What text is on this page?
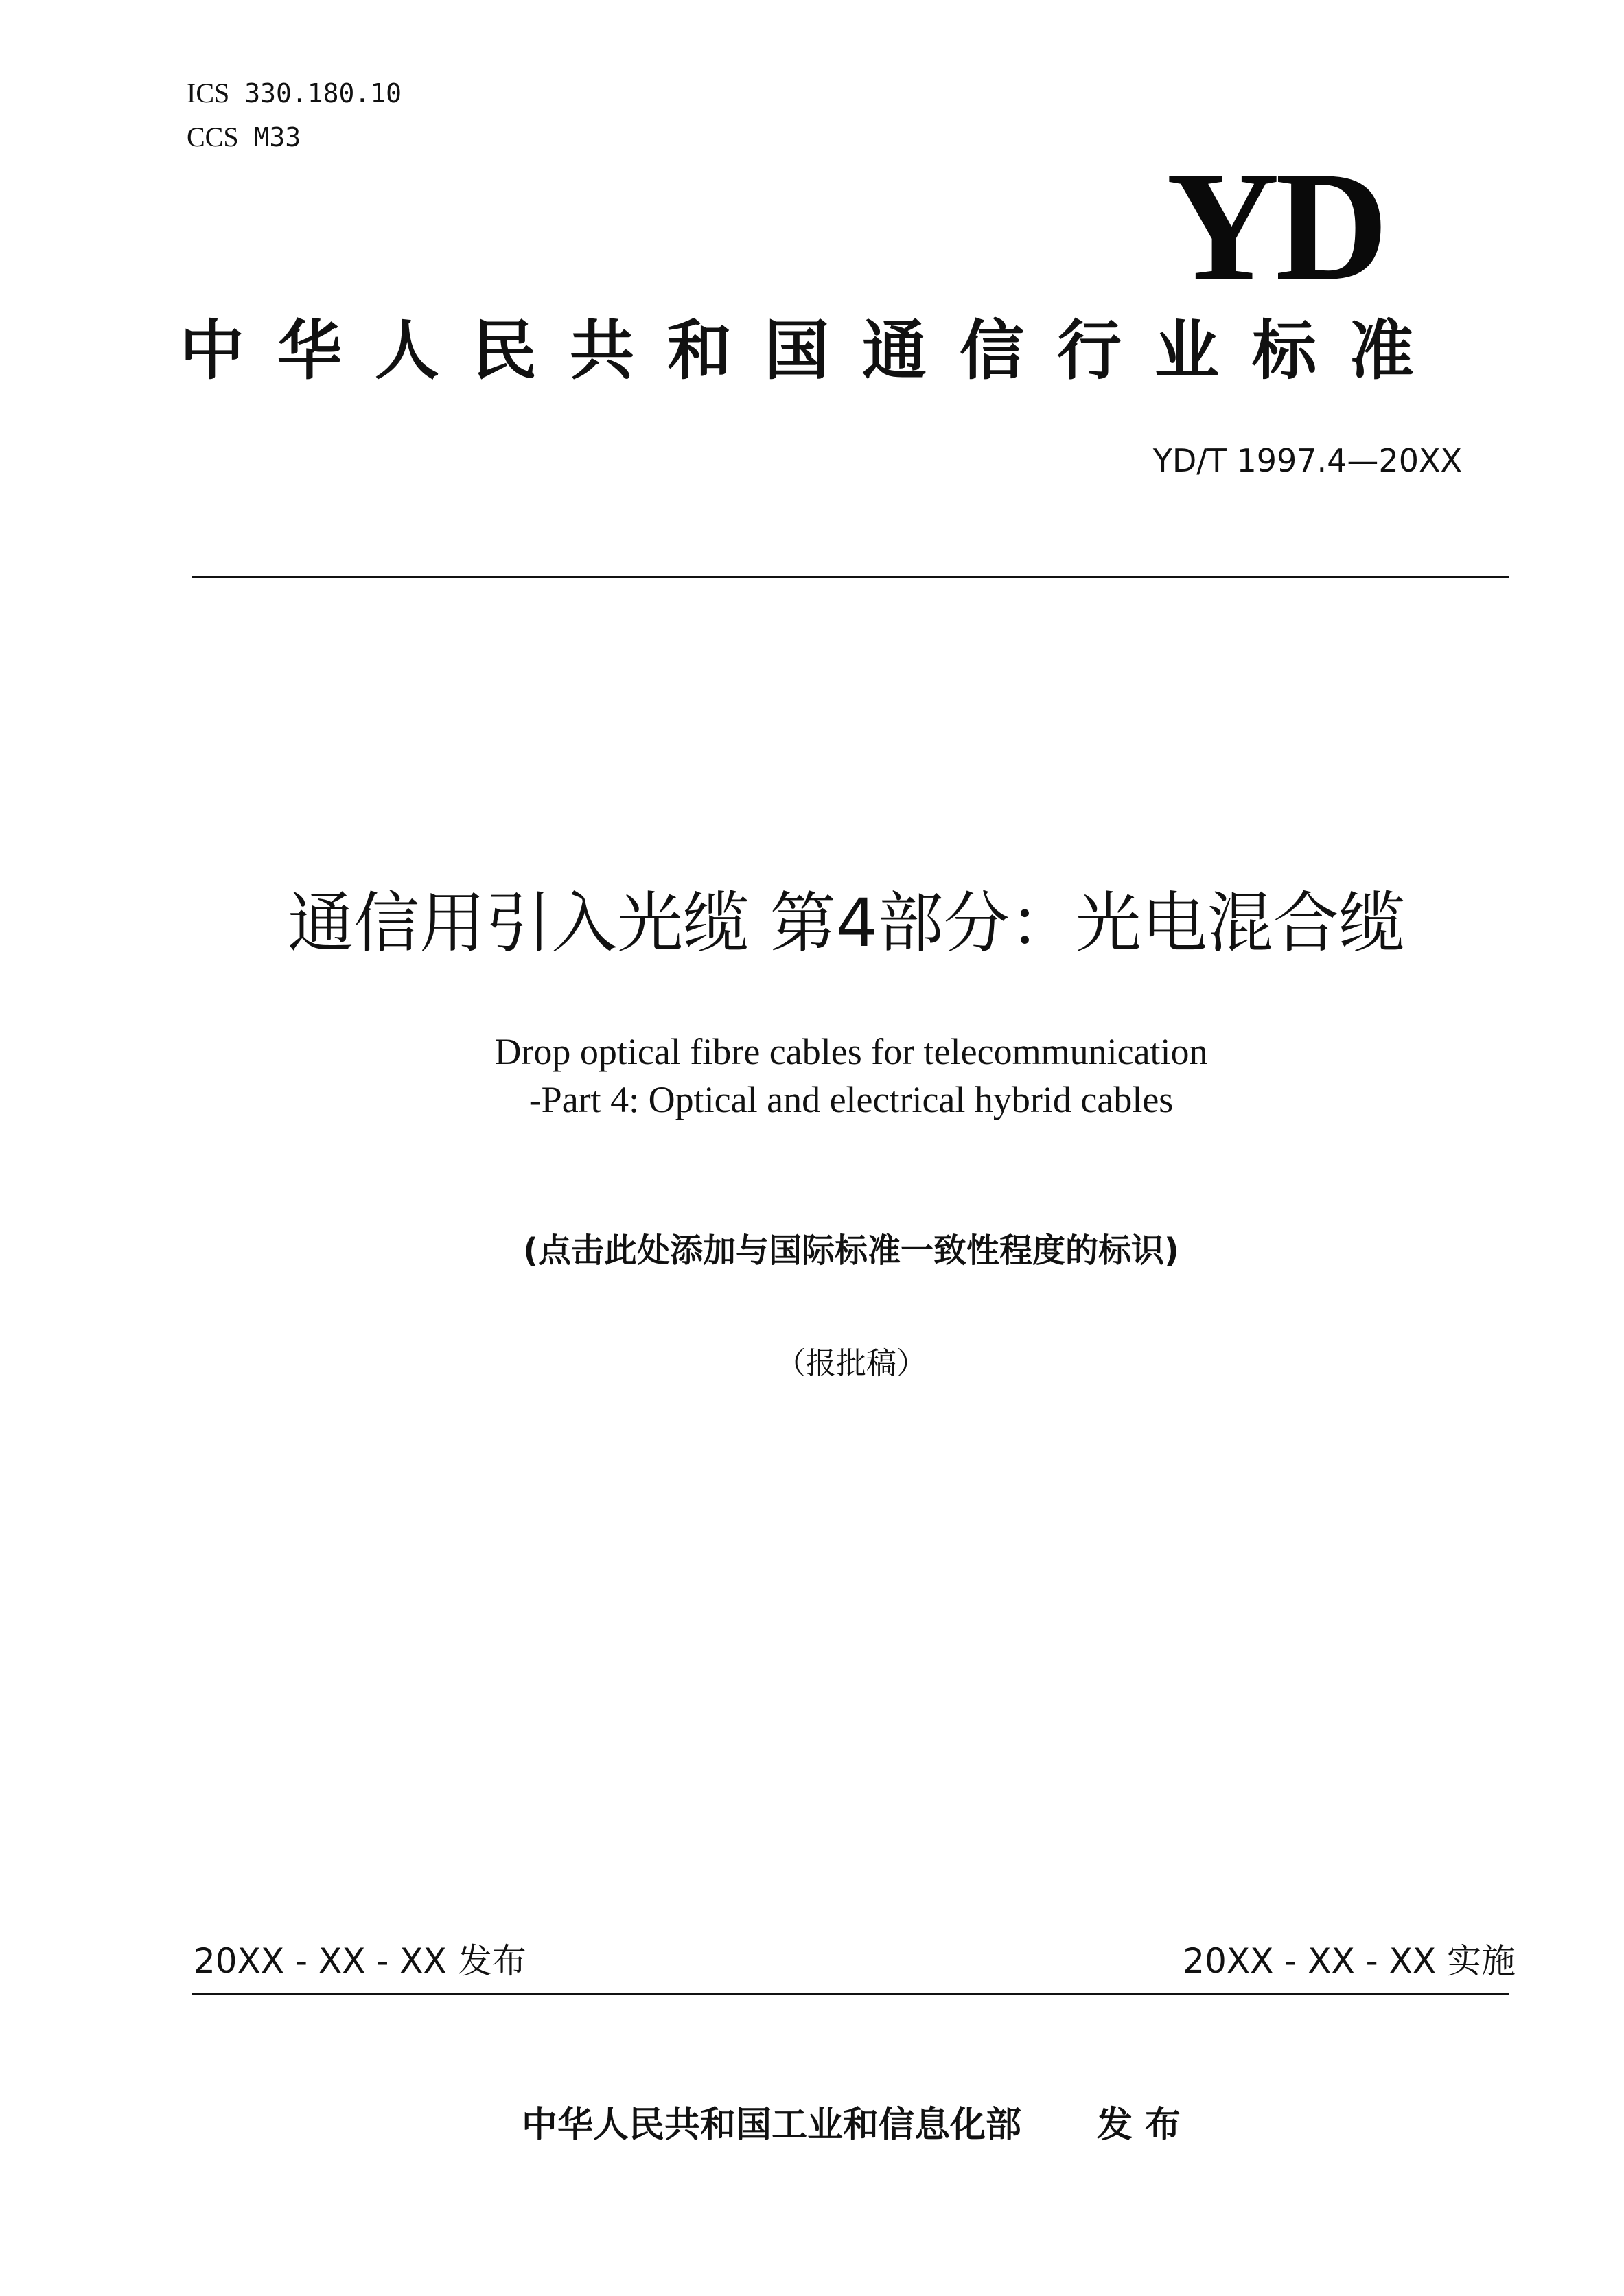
ICS 330.180.10
CCS M33
YD
中华人民共和国通信行业标准
YD/T 1997.4—20XX
通信用引入光缆 第4部分：光电混合缆
Drop optical fibre cables for telecommunication
-Part 4: Optical and electrical hybrid cables
(点击此处添加与国际标准一致性程度的标识)
（报批稿）
20XX - XX - XX 发布	20XX - XX - XX 实施
中华人民共和国工业和信息化部 发 布
